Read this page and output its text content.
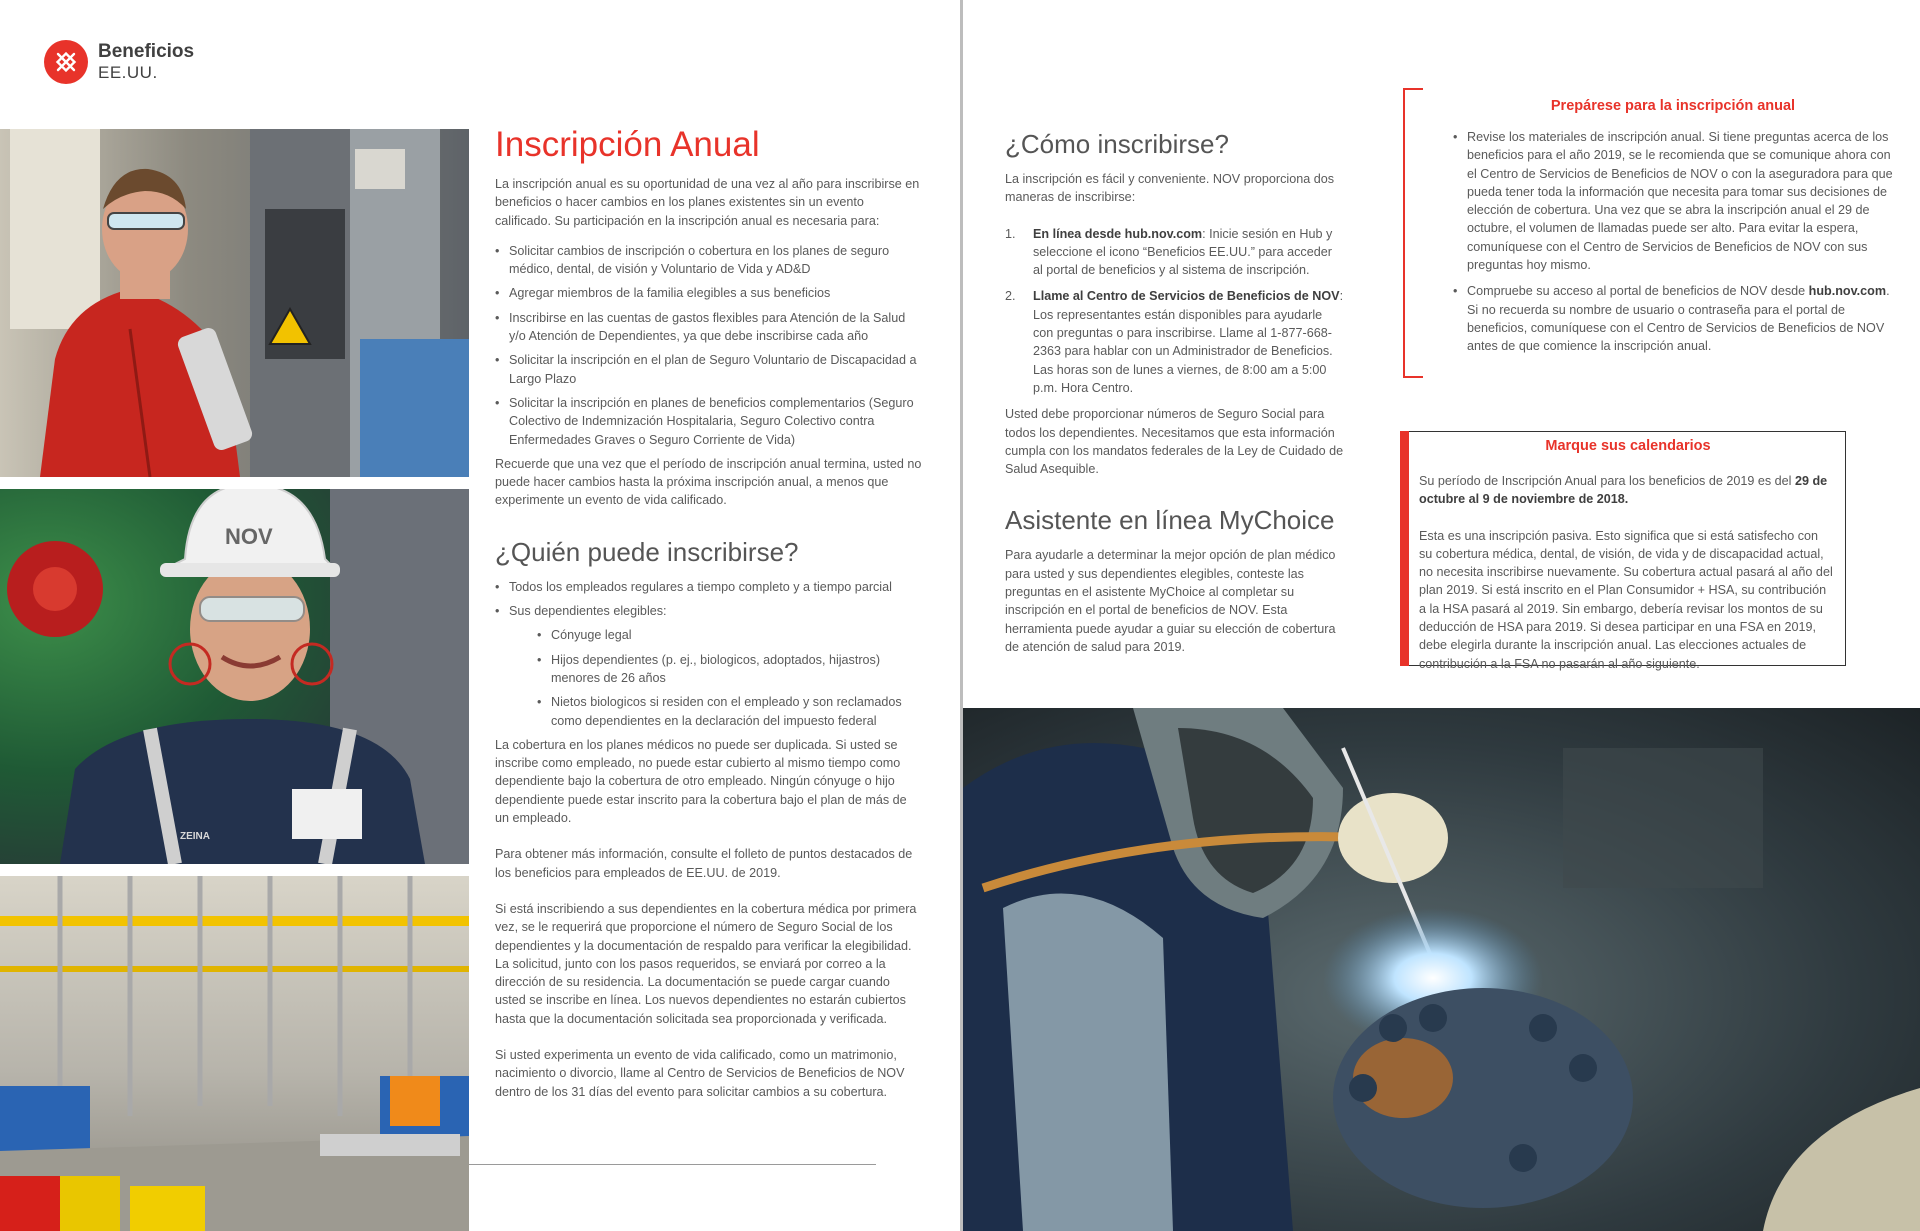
Beneficios
EE.UU.
NOV
ZEINA
Inscripción Anual

La inscripción anual es su oportunidad de una vez al año para inscribirse en beneficios o hacer cambios en los planes existentes sin un evento calificado. Su participación en la inscripción anual es necesaria para:

• Solicitar cambios de inscripción o cobertura en los planes de seguro médico, dental, de visión y Voluntario de Vida y AD&D
• Agregar miembros de la familia elegibles a sus beneficios
• Inscribirse en las cuentas de gastos flexibles para Atención de la Salud y/o Atención de Dependientes, ya que debe inscribirse cada año
• Solicitar la inscripción en el plan de Seguro Voluntario de Discapacidad a Largo Plazo
• Solicitar la inscripción en planes de beneficios complementarios (Seguro Colectivo de Indemnización Hospitalaria, Seguro Colectivo contra Enfermedades Graves o Seguro Corriente de Vida)

Recuerde que una vez que el período de inscripción anual termina, usted no puede hacer cambios hasta la próxima inscripción anual, a menos que experimente un evento de vida calificado.

¿Quién puede inscribirse?
• Todos los empleados regulares a tiempo completo y a tiempo parcial
• Sus dependientes elegibles:
• Cónyuge legal
• Hijos dependientes (p. ej., biologicos, adoptados, hijastros) menores de 26 años
• Nietos biologicos si residen con el empleado y son reclamados como dependientes en la declaración del impuesto federal

La cobertura en los planes médicos no puede ser duplicada. Si usted se inscribe como empleado, no puede estar cubierto al mismo tiempo como dependiente bajo la cobertura de otro empleado. Ningún cónyuge o hijo dependiente puede estar inscrito para la cobertura bajo el plan de más de un empleado.

Para obtener más información, consulte el folleto de puntos destacados de los beneficios para empleados de EE.UU. de 2019.

Si está inscribiendo a sus dependientes en la cobertura médica por primera vez, se le requerirá que proporcione el número de Seguro Social de los dependientes y la documentación de respaldo para verificar la elegibilidad. La solicitud, junto con los pasos requeridos, se enviará por correo a la dirección de su residencia. La documentación se puede cargar cuando usted se inscribe en línea. Los nuevos dependientes no estarán cubiertos hasta que la documentación solicitada sea proporcionada y verificada.

Si usted experimenta un evento de vida calificado, como un matrimonio, nacimiento o divorcio, llame al Centro de Servicios de Beneficios de NOV dentro de los 31 días del evento para solicitar cambios a su cobertura.

¿Cómo inscribirse?

La inscripción es fácil y conveniente. NOV proporciona dos maneras de inscribirse:

1. En línea desde hub.nov.com: Inicie sesión en Hub y seleccione el icono “Beneficios EE.UU.” para acceder al portal de beneficios y al sistema de inscripción.
2. Llame al Centro de Servicios de Beneficios de NOV: Los representantes están disponibles para ayudarle con preguntas o para inscribirse. Llame al 1-877-668-2363 para hablar con un Administrador de Beneficios. Las horas son de lunes a viernes, de 8:00 am a 5:00 p.m. Hora Centro.

Usted debe proporcionar números de Seguro Social para todos los dependientes. Necesitamos que esta información cumpla con los mandatos federales de la Ley de Cuidado de Salud Asequible.

Asistente en línea MyChoice

Para ayudarle a determinar la mejor opción de plan médico para usted y sus dependientes elegibles, conteste las preguntas en el asistente MyChoice al completar su inscripción en el portal de beneficios de NOV. Esta herramienta puede ayudar a guiar su elección de cobertura de atención de salud para 2019.

Prepárese para la inscripción anual
• Revise los materiales de inscripción anual. Si tiene preguntas acerca de los beneficios para el año 2019, se le recomienda que se comunique ahora con el Centro de Servicios de Beneficios de NOV o con la aseguradora para que pueda tener toda la información que necesita para tomar sus decisiones de elección de cobertura. Una vez que se abra la inscripción anual el 29 de octubre, el volumen de llamadas puede ser alto. Para evitar la espera, comuníquese con el Centro de Servicios de Beneficios de NOV con sus preguntas hoy mismo.
• Compruebe su acceso al portal de beneficios de NOV desde hub.nov.com. Si no recuerda su nombre de usuario o contraseña para el portal de beneficios, comuníquese con el Centro de Servicios de Beneficios de NOV antes de que comience la inscripción anual.
Marque sus calendarios

Su período de Inscripción Anual para los beneficios de 2019 es del 29 de octubre al 9 de noviembre de 2018.

Esta es una inscripción pasiva. Esto significa que si está satisfecho con su cobertura médica, dental, de visión, de vida y de discapacidad actual, no necesita inscribirse nuevamente. Su cobertura actual pasará al año del plan 2019. Si está inscrito en el Plan Consumidor + HSA, su contribución a la HSA pasará al 2019. Sin embargo, debería revisar los montos de su deducción de HSA para 2019. Si desea participar en una FSA en 2019, debe elegirla durante la inscripción anual. Las elecciones actuales de contribución a la FSA no pasarán al año siguiente.
